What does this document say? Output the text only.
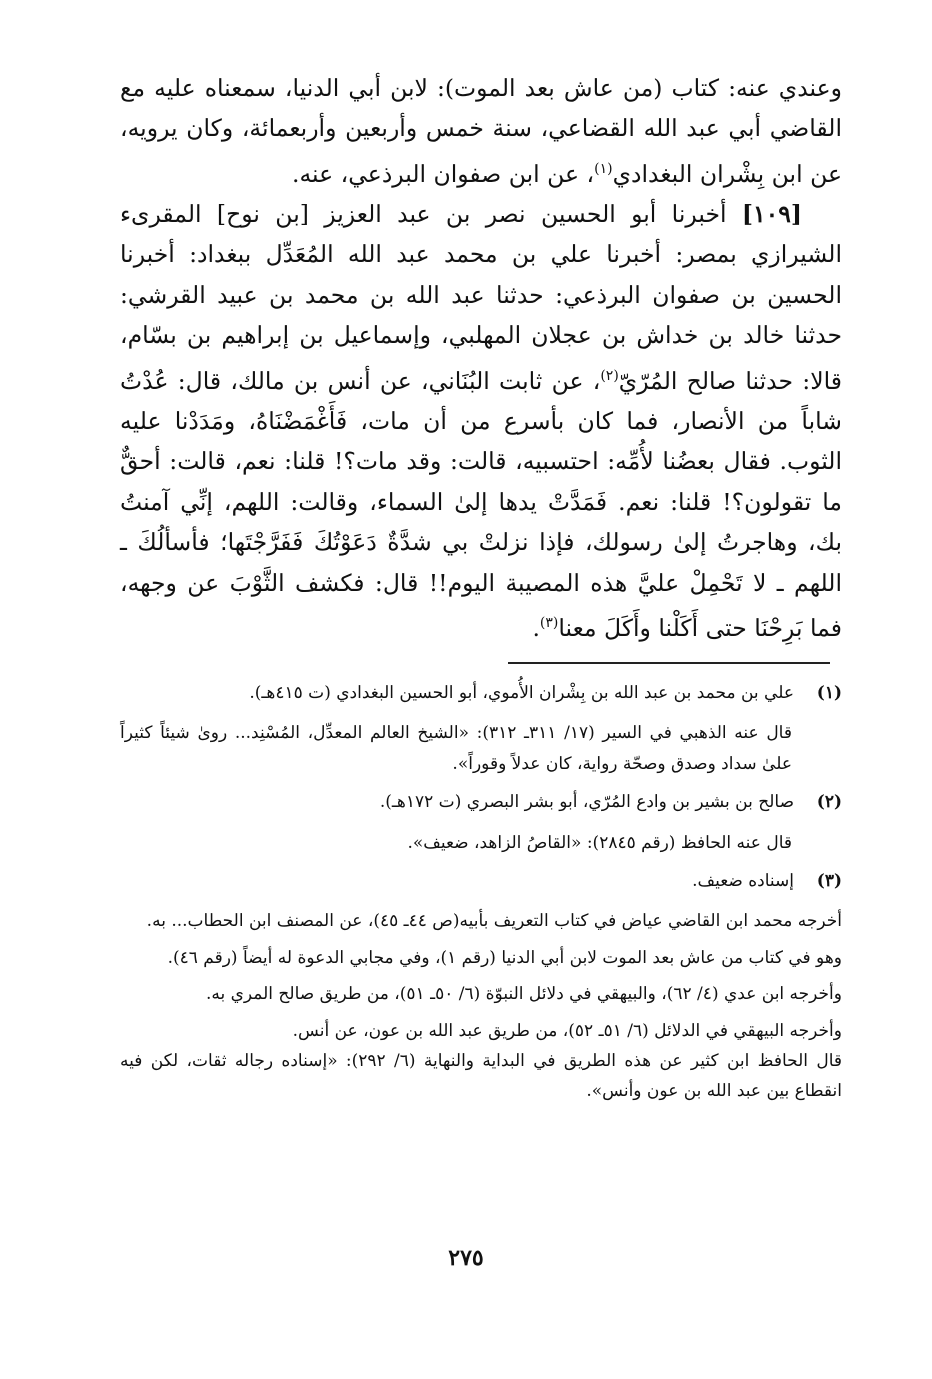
وعندي عنه: كتاب (من عاش بعد الموت): لابن أبي الدنيا، سمعناه عليه مع القاضي أبي عبد الله القضاعي، سنة خمس وأربعين وأربعمائة، وكان يرويه، عن ابن بِشْران البغدادي$^{(١)}$، عن ابن صفوان البرذعي، عنه.

[١٠٩] أخبرنا أبو الحسين نصر بن عبد العزيز [بن نوح] المقرىء الشيرازي بمصر: أخبرنا علي بن محمد عبد الله المُعَدِّل ببغداد: أخبرنا الحسين بن صفوان البرذعي: حدثنا عبد الله بن محمد بن عبيد القرشي: حدثنا خالد بن خداش بن عجلان المهلبي، وإسماعيل بن إبراهيم بن بسّام، قالا: حدثنا صالح المُرّيّ$^{(٢)}$، عن ثابت البُنَاني، عن أنس بن مالك، قال: عُدْتُ شاباً من الأنصار، فما كان بأسرع من أن مات، فَأَغْمَضْنَاهُ، ومَدَدْنا عليه الثوب. فقال بعضُنا لأُمِّه: احتسبيه، قالت: وقد مات؟! قلنا: نعم، قالت: أحقٌّ ما تقولون؟! قلنا: نعم. فَمَدَّتْ يدها إلىٰ السماء، وقالت: اللهم، إنِّي آمنتُ بك، وهاجرتُ إلىٰ رسولك، فإذا نزلتْ بي شدَّةٌ دَعَوْتُكَ فَفَرَّجْتَها؛ فأسألُكَ ـ اللهم ـ لا تَحْمِلْ عليَّ هذه المصيبة اليوم!! قال: فكشف الثَّوْبَ عن وجهه، فما بَرِحْنَا حتى أَكَلْنا وأَكَلَ معنا$^{(٣)}$.

(١)

علي بن محمد بن عبد الله بن بِشْران الأُموي، أبو الحسين البغدادي (ت ٤١٥هـ).

قال عنه الذهبي في السير (١٧/ ٣١١ـ ٣١٢): «الشيخ العالم المعدِّل، المُسْنِد... روىٰ شيئاً كثيراً علىٰ سداد وصدق وصحّة رواية، كان عدلاً وقوراً».

(٢)

صالح بن بشير بن وادع المُرّي، أبو بشر البصري (ت ١٧٢هـ).

قال عنه الحافظ (رقم ٢٨٤٥): «القاصُ الزاهد، ضعيف».

(٣)

إسناده ضعيف.

أخرجه محمد ابن القاضي عياض في كتاب التعريف بأبيه(ص ٤٤ـ ٤٥)، عن المصنف ابن الحطاب... به.

وهو في كتاب من عاش بعد الموت لابن أبي الدنيا (رقم ١)، وفي مجابي الدعوة له أيضاً (رقم ٤٦).

وأخرجه ابن عدي (٤/ ٦٢)، والبيهقي في دلائل النبوّة (٦/ ٥٠ـ ٥١)، من طريق صالح المري به.

وأخرجه البيهقي في الدلائل (٦/ ٥١ـ ٥٢)، من طريق عبد الله بن عون، عن أنس.

قال الحافظ ابن كثير عن هذه الطريق في البداية والنهاية (٦/ ٢٩٢): «إسناده رجاله ثقات، لكن فيه انقطاع بين عبد الله بن عون وأنس».

٢٧٥
